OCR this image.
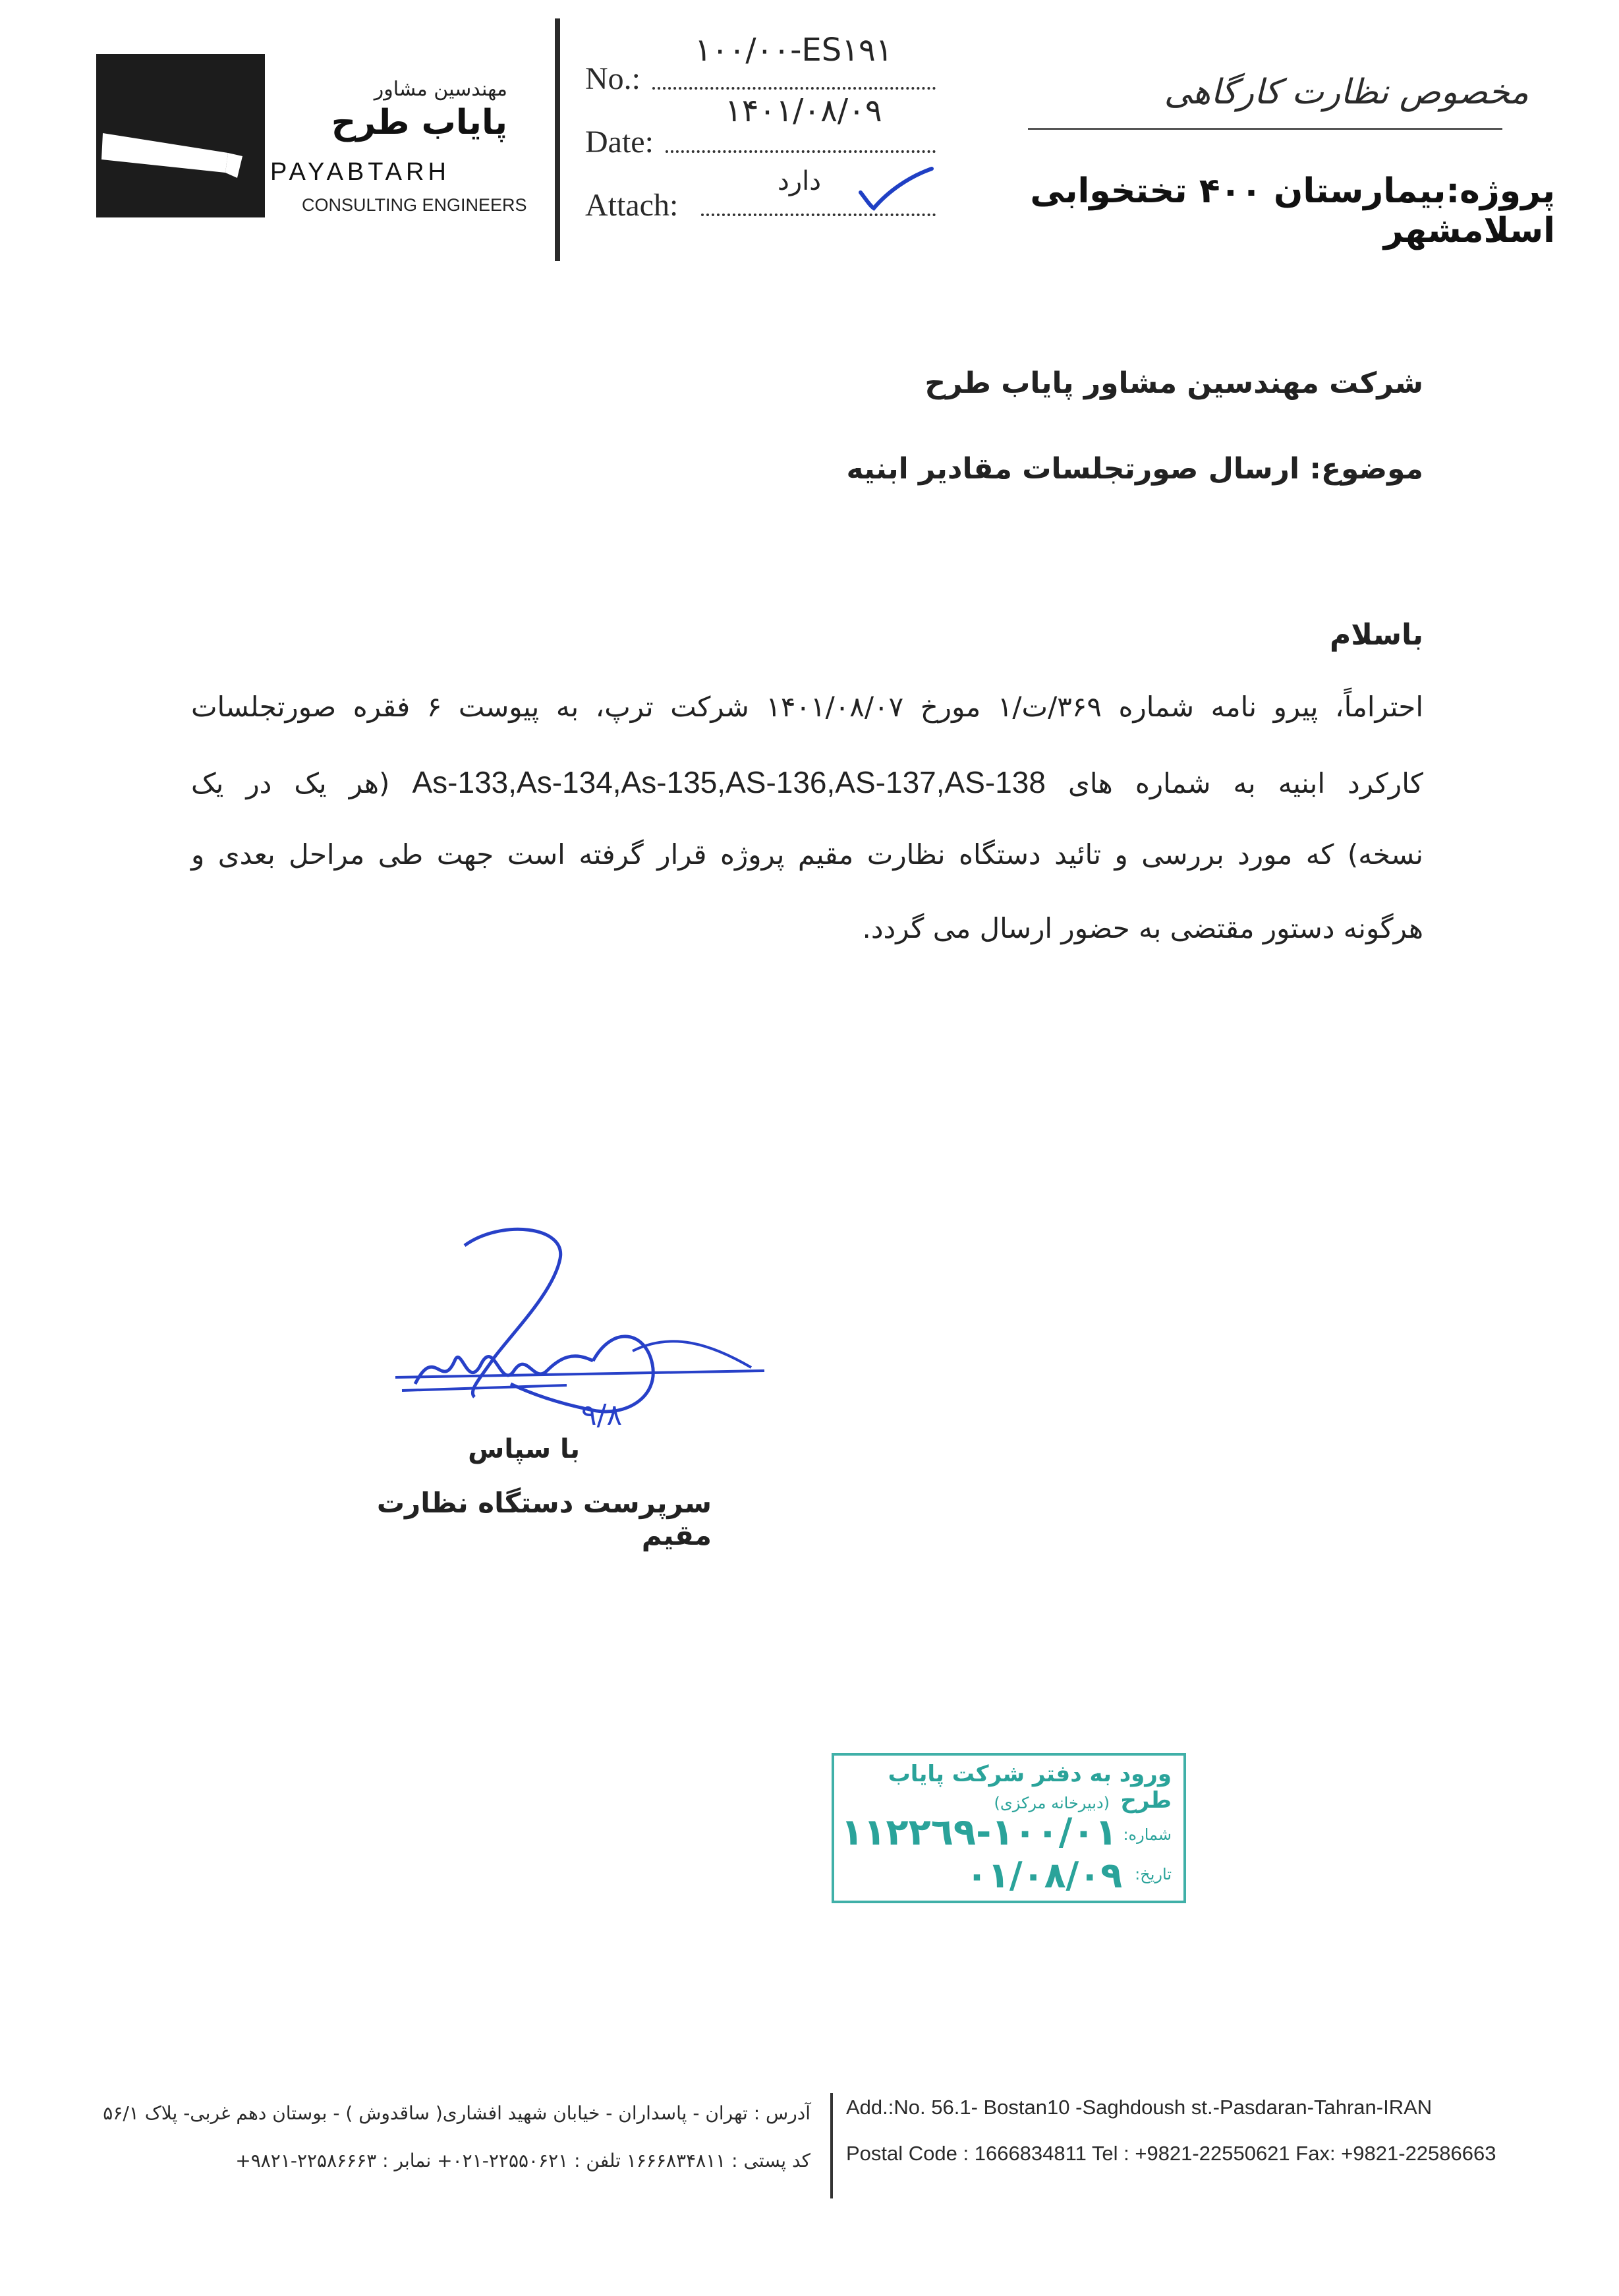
مهندسین مشاور
پایاب طرح
PAYABTARH
CONSULTING ENGINEERS
No.:
١٠٠/٠٠-ES١٩١
Date:
١۴٠١/٠٨/٠٩
Attach:
دارد
مخصوص نظارت کارگاهی
پروژه:بیمارستان ۴۰۰ تختخوابی اسلامشهر
شرکت مهندسین مشاور پایاب طرح
موضوع: ارسال صورتجلسات مقادیر ابنیه
باسلام
احتراماً، پیرو نامه شماره ۳۶۹/ت/۱ مورخ ۱۴۰۱/۰۸/۰۷ شرکت ترپ، به پیوست ۶ فقره صورتجلسات
کارکرد ابنیه به شماره های As-133,As-134,As-135,AS-136,AS-137,AS-138 (هر یک در یک
نسخه) که مورد بررسی و تائید دستگاه نظارت مقیم پروژه قرار گرفته است جهت طی مراحل بعدی و
هرگونه دستور مقتضی به حضور ارسال می گردد.
٩/٨
با سپاس
سرپرست دستگاه نظارت مقیم
ورود به دفتر شرکت پایاب طرح
(دبیرخانه مرکزی)
شماره:
١٠٠/٠١-١١٢٢٦٩
تاریخ:
٠١/٠٨/٠٩
آدرس : تهران - پاسداران - خیابان شهید افشاری( ساقدوش ) - بوستان دهم غربی- پلاک ۵۶/۱
کد پستی : ۱۶۶۶۸۳۴۸۱۱ تلفن : ۲۲۵۵۰۶۲۱-۰۲۱+ نمابر : ۲۲۵۸۶۶۶۳-۹۸۲۱+
Add.:No. 56.1- Bostan10 -Saghdoush st.-Pasdaran-Tahran-IRAN
Postal Code : 1666834811 Tel : +9821-22550621 Fax: +9821-22586663
